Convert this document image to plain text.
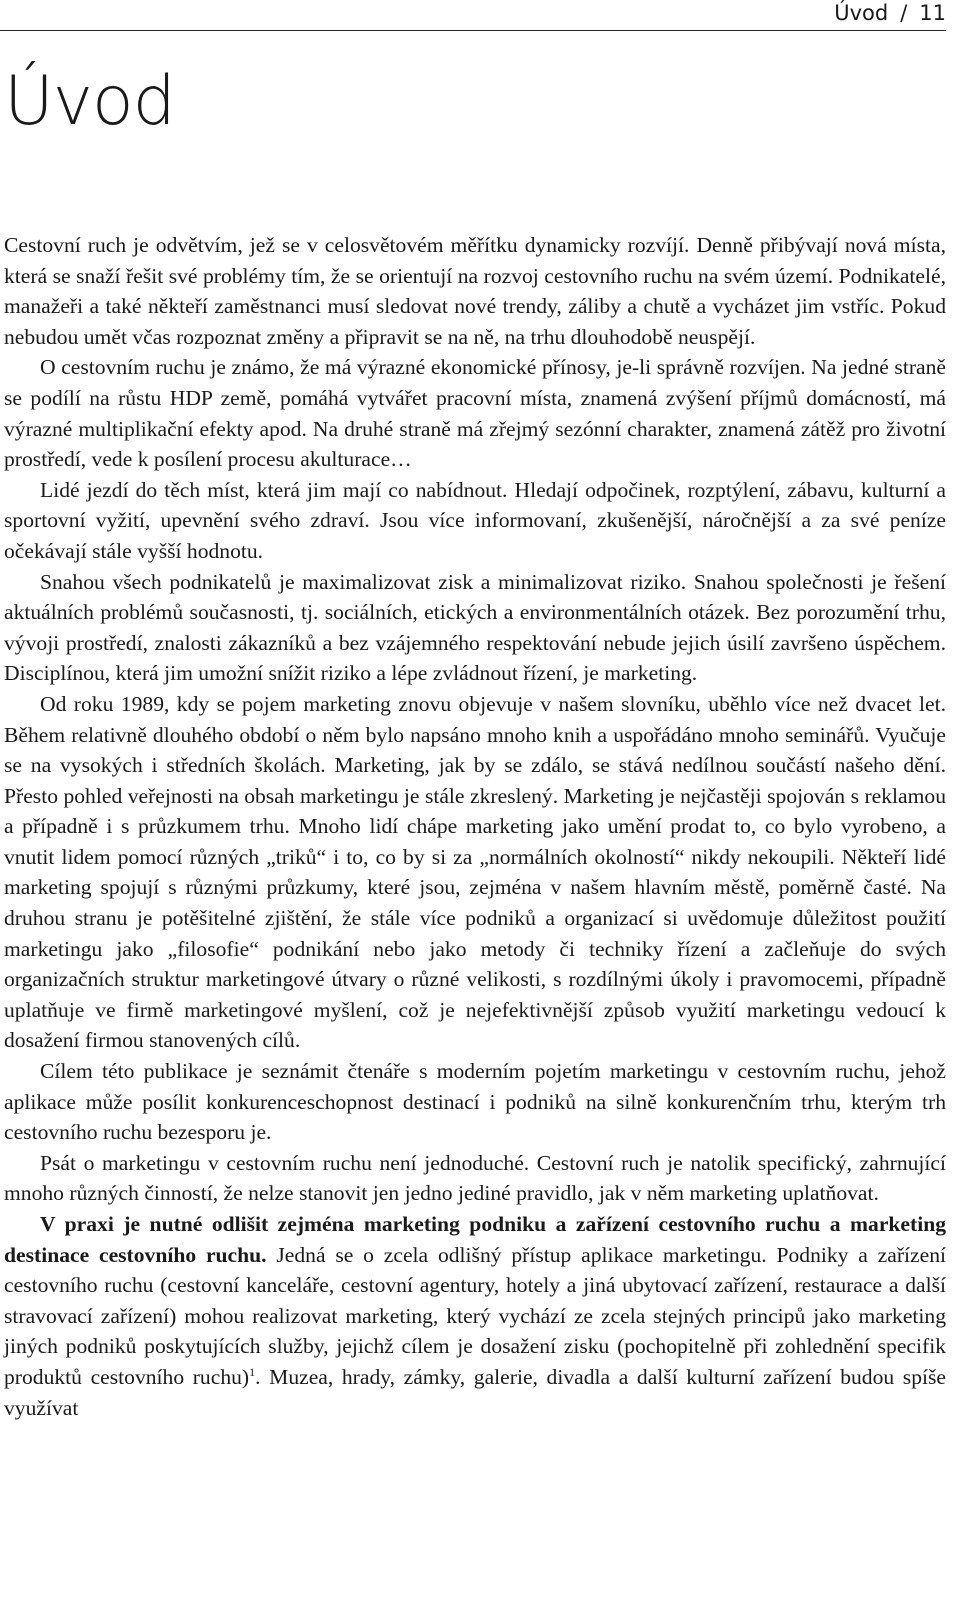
Úvod / 11
Úvod

Cestovní ruch je odvětvím, jež se v celosvětovém měřítku dynamicky rozvíjí. Denně přibývají nová místa, která se snaží řešit své problémy tím, že se orientují na rozvoj cestovního ruchu na svém území. Podnikatelé, manažeři a také někteří zaměstnanci musí sledovat nové trendy, záliby a chutě a vycházet jim vstříc. Pokud nebudou umět včas rozpoznat změny a připravit se na ně, na trhu dlouhodobě neuspějí.

O cestovním ruchu je známo, že má výrazné ekonomické přínosy, je-li správně rozvíjen. Na jedné straně se podílí na růstu HDP země, pomáhá vytvářet pracovní místa, znamená zvýšení příjmů domácností, má výrazné multiplikační efekty apod. Na druhé straně má zřejmý sezónní charakter, znamená zátěž pro životní prostředí, vede k posílení procesu akulturace…

Lidé jezdí do těch míst, která jim mají co nabídnout. Hledají odpočinek, rozptýlení, zábavu, kulturní a sportovní vyžití, upevnění svého zdraví. Jsou více informovaní, zkušenější, náročnější a za své peníze očekávají stále vyšší hodnotu.

Snahou všech podnikatelů je maximalizovat zisk a minimalizovat riziko. Snahou společnosti je řešení aktuálních problémů současnosti, tj. sociálních, etických a environmentálních otázek. Bez porozumění trhu, vývoji prostředí, znalosti zákazníků a bez vzájemného respektování nebude jejich úsilí završeno úspěchem. Disciplínou, která jim umožní snížit riziko a lépe zvládnout řízení, je marketing.

Od roku 1989, kdy se pojem marketing znovu objevuje v našem slovníku, uběhlo více než dvacet let. Během relativně dlouhého období o něm bylo napsáno mnoho knih a uspořádáno mnoho seminářů. Vyučuje se na vysokých i středních školách. Marketing, jak by se zdálo, se stává nedílnou součástí našeho dění. Přesto pohled veřejnosti na obsah marketingu je stále zkreslený. Marketing je nejčastěji spojován s reklamou a případně i s průzkumem trhu. Mnoho lidí chápe marketing jako umění prodat to, co bylo vyrobeno, a vnutit lidem pomocí různých „triků“ i to, co by si za „normálních okolností“ nikdy nekoupili. Někteří lidé marketing spojují s různými průzkumy, které jsou, zejména v našem hlavním městě, poměrně časté. Na druhou stranu je potěšitelné zjištění, že stále více podniků a organizací si uvědomuje důležitost použití marketingu jako „filosofie“ podnikání nebo jako metody či techniky řízení a začleňuje do svých organizačních struktur marketingové útvary o různé velikosti, s rozdílnými úkoly i pravomocemi, případně uplatňuje ve firmě marketingové myšlení, což je nejefektivnější způsob využití marketingu vedoucí k dosažení firmou stanovených cílů.

Cílem této publikace je seznámit čtenáře s moderním pojetím marketingu v cestovním ruchu, jehož aplikace může posílit konkurenceschopnost destinací i podniků na silně konkurenčním trhu, kterým trh cestovního ruchu bezesporu je.

Psát o marketingu v cestovním ruchu není jednoduché. Cestovní ruch je natolik specifický, zahrnující mnoho různých činností, že nelze stanovit jen jedno jediné pravidlo, jak v něm marketing uplatňovat.

V praxi je nutné odlišit zejména marketing podniku a zařízení cestovního ruchu a marketing destinace cestovního ruchu. Jedná se o zcela odlišný přístup aplikace marketingu. Podniky a zařízení cestovního ruchu (cestovní kanceláře, cestovní agentury, hotely a jiná ubytovací zařízení, restaurace a další stravovací zařízení) mohou realizovat marketing, který vychází ze zcela stejných principů jako marketing jiných podniků poskytujících služby, jejichž cílem je dosažení zisku (pochopitelně při zohlednění specifik produktů cestovního ruchu)$^1$. Muzea, hrady, zámky, galerie, divadla a další kulturní zařízení budou spíše využívat
